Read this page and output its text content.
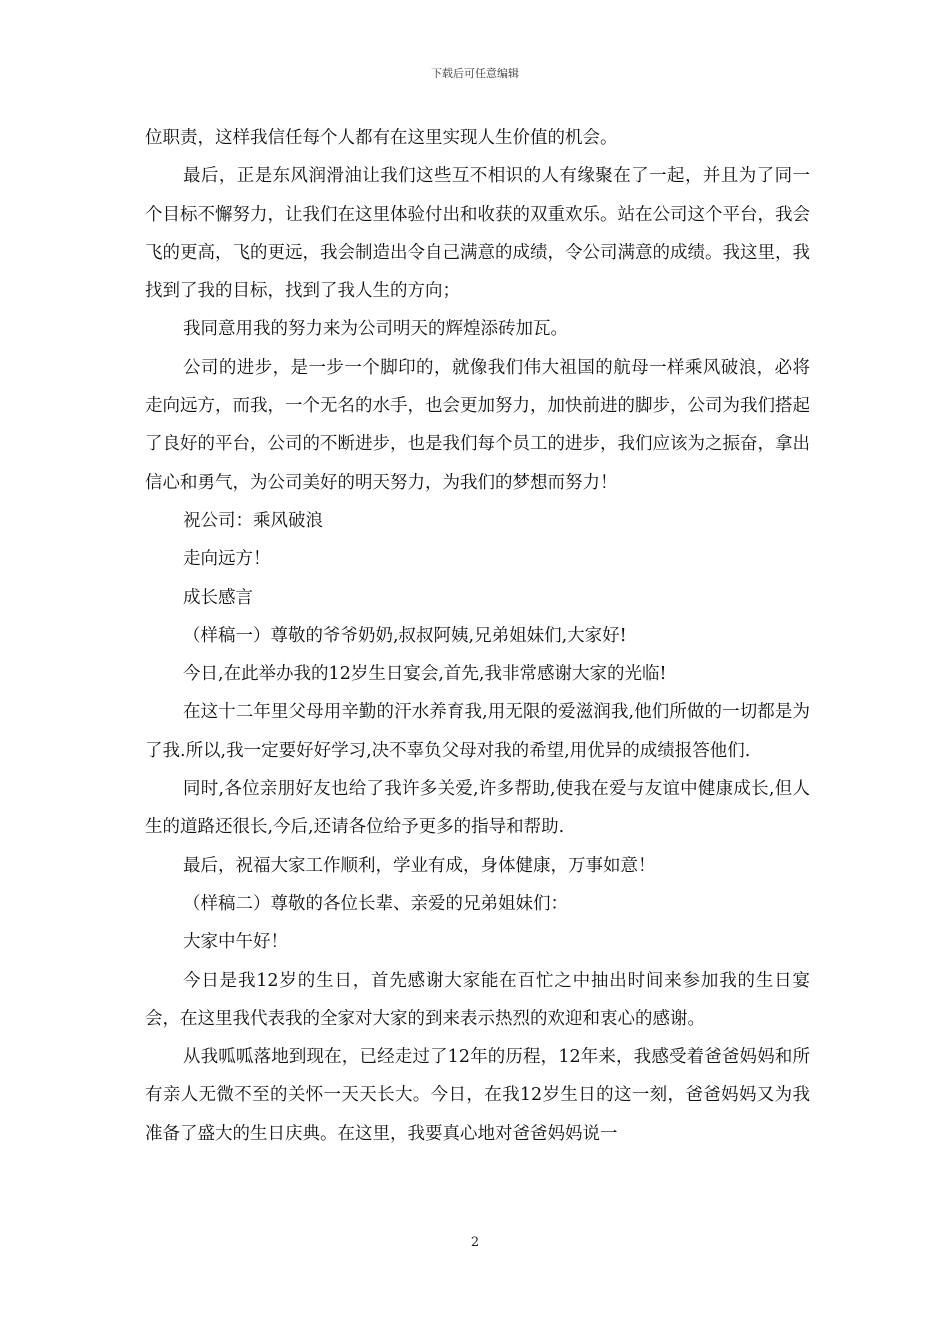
下载后可任意编辑

位职责，这样我信任每个人都有在这里实现人生价值的机会。

最后，正是东风润滑油让我们这些互不相识的人有缘聚在了一起，并且为了同一个目标不懈努力，让我们在这里体验付出和收获的双重欢乐。站在公司这个平台，我会飞的更高，飞的更远，我会制造出令自己满意的成绩，令公司满意的成绩。我这里，我找到了我的目标，找到了我人生的方向；

我同意用我的努力来为公司明天的辉煌添砖加瓦。

公司的进步，是一步一个脚印的，就像我们伟大祖国的航母一样乘风破浪，必将走向远方，而我，一个无名的水手，也会更加努力，加快前进的脚步，公司为我们搭起了良好的平台，公司的不断进步，也是我们每个员工的进步，我们应该为之振奋，拿出信心和勇气，为公司美好的明天努力，为我们的梦想而努力！

祝公司：乘风破浪

走向远方！

成长感言

（样稿一）尊敬的爷爷奶奶,叔叔阿姨,兄弟姐妹们,大家好!

今日,在此举办我的12岁生日宴会,首先,我非常感谢大家的光临!

在这十二年里父母用辛勤的汗水养育我,用无限的爱滋润我,他们所做的一切都是为了我.所以,我一定要好好学习,决不辜负父母对我的希望,用优异的成绩报答他们.

同时,各位亲朋好友也给了我许多关爱,许多帮助,使我在爱与友谊中健康成长,但人生的道路还很长,今后,还请各位给予更多的指导和帮助.

最后，祝福大家工作顺利，学业有成，身体健康，万事如意！

（样稿二）尊敬的各位长辈、亲爱的兄弟姐妹们：

大家中午好！

今日是我12岁的生日，首先感谢大家能在百忙之中抽出时间来参加我的生日宴会，在这里我代表我的全家对大家的到来表示热烈的欢迎和衷心的感谢。

从我呱呱落地到现在，已经走过了12年的历程，12年来，我感受着爸爸妈妈和所有亲人无微不至的关怀一天天长大。今日，在我12岁生日的这一刻，爸爸妈妈又为我准备了盛大的生日庆典。在这里，我要真心地对爸爸妈妈说一

2
